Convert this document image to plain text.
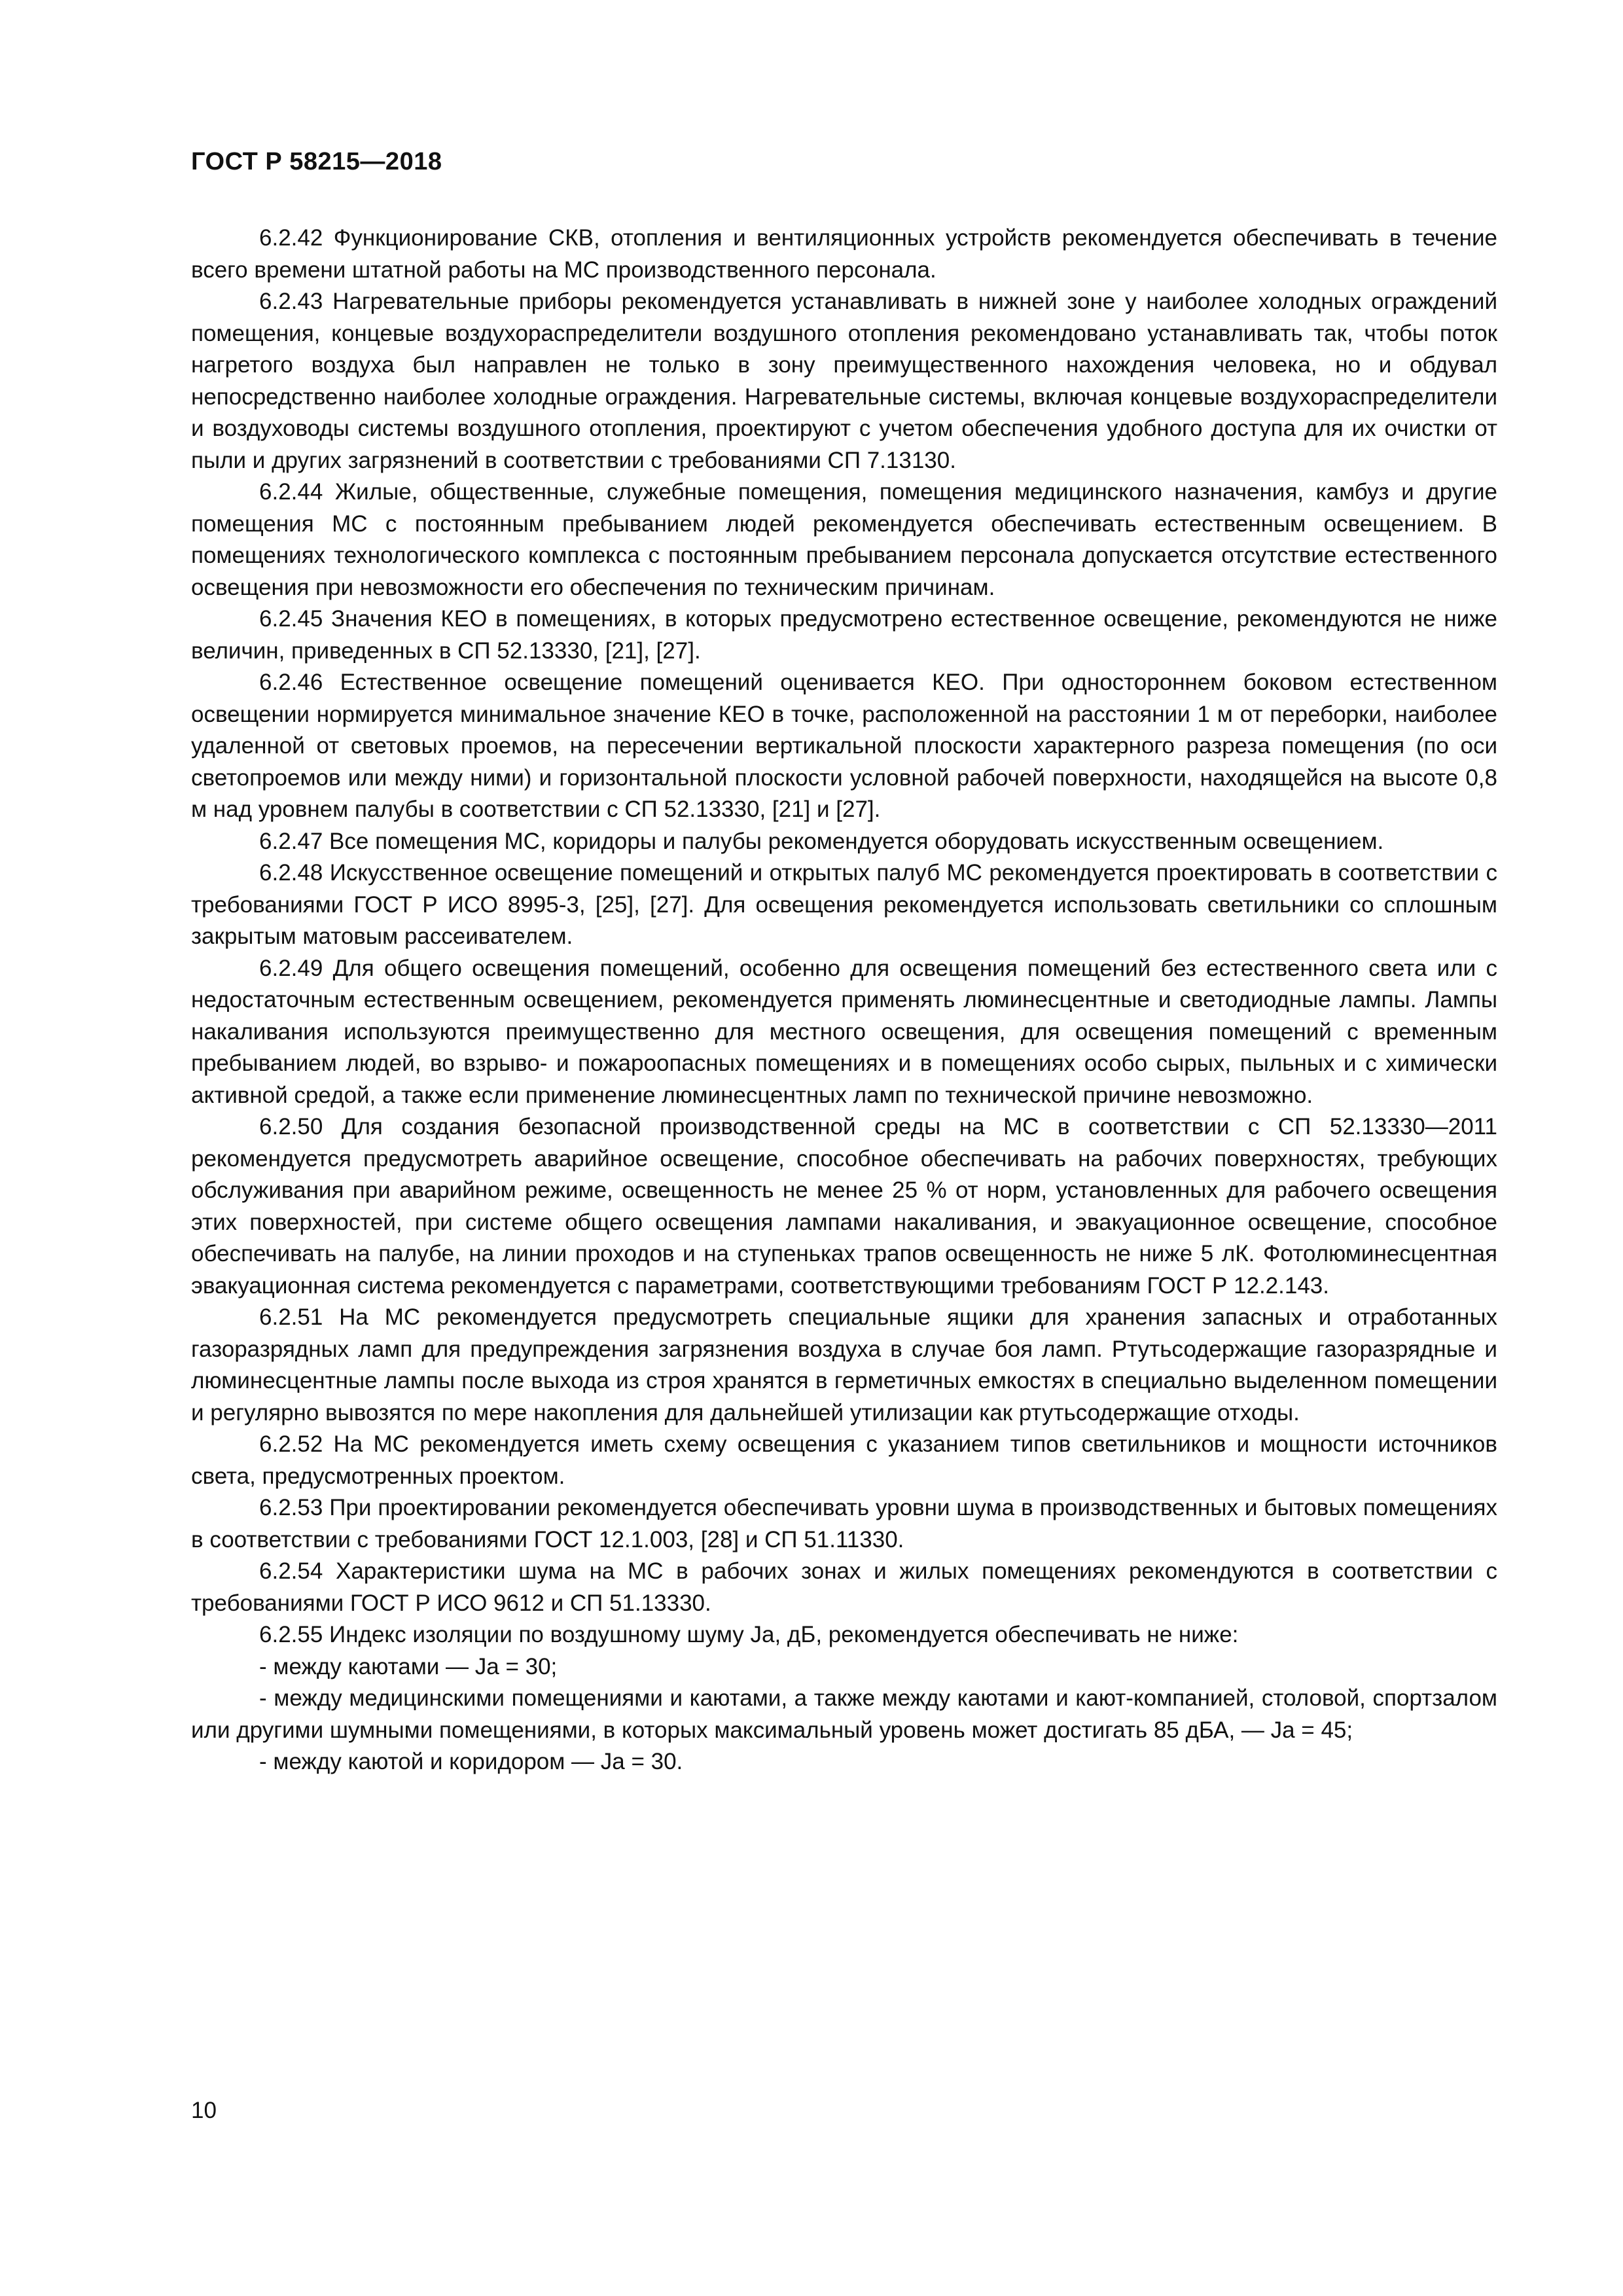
ГОСТ Р 58215—2018

6.2.42 Функционирование СКВ, отопления и вентиляционных устройств рекомендуется обеспечивать в течение всего времени штатной работы на МС производственного персонала.

6.2.43 Нагревательные приборы рекомендуется устанавливать в нижней зоне у наиболее холодных ограждений помещения, концевые воздухораспределители воздушного отопления рекомендовано устанавливать так, чтобы поток нагретого воздуха был направлен не только в зону преимущественного нахождения человека, но и обдувал непосредственно наиболее холодные ограждения. Нагревательные системы, включая концевые воздухораспределители и воздуховоды системы воздушного отопления, проектируют с учетом обеспечения удобного доступа для их очистки от пыли и других загрязнений в соответствии с требованиями СП 7.13130.

6.2.44 Жилые, общественные, служебные помещения, помещения медицинского назначения, камбуз и другие помещения МС с постоянным пребыванием людей рекомендуется обеспечивать естественным освещением. В помещениях технологического комплекса с постоянным пребыванием персонала допускается отсутствие естественного освещения при невозможности его обеспечения по техническим причинам.

6.2.45 Значения КЕО в помещениях, в которых предусмотрено естественное освещение, рекомендуются не ниже величин, приведенных в СП 52.13330, [21], [27].

6.2.46 Естественное освещение помещений оценивается КЕО. При одностороннем боковом естественном освещении нормируется минимальное значение КЕО в точке, расположенной на расстоянии 1 м от переборки, наиболее удаленной от световых проемов, на пересечении вертикальной плоскости характерного разреза помещения (по оси светопроемов или между ними) и горизонтальной плоскости условной рабочей поверхности, находящейся на высоте 0,8 м над уровнем палубы в соответствии с СП 52.13330, [21] и [27].

6.2.47 Все помещения МС, коридоры и палубы рекомендуется оборудовать искусственным освещением.

6.2.48 Искусственное освещение помещений и открытых палуб МС рекомендуется проектировать в соответствии с требованиями ГОСТ Р ИСО 8995-3, [25], [27]. Для освещения рекомендуется использовать светильники со сплошным закрытым матовым рассеивателем.

6.2.49 Для общего освещения помещений, особенно для освещения помещений без естественного света или с недостаточным естественным освещением, рекомендуется применять люминесцентные и светодиодные лампы. Лампы накаливания используются преимущественно для местного освещения, для освещения помещений с временным пребыванием людей, во взрыво- и пожароопасных помещениях и в помещениях особо сырых, пыльных и с химически активной средой, а также если применение люминесцентных ламп по технической причине невозможно.

6.2.50 Для создания безопасной производственной среды на МС в соответствии с СП 52.13330—2011 рекомендуется предусмотреть аварийное освещение, способное обеспечивать на рабочих поверхностях, требующих обслуживания при аварийном режиме, освещенность не менее 25 % от норм, установленных для рабочего освещения этих поверхностей, при системе общего освещения лампами накаливания, и эвакуационное освещение, способное обеспечивать на палубе, на линии проходов и на ступеньках трапов освещенность не ниже 5 лК. Фотолюминесцентная эвакуационная система рекомендуется с параметрами, соответствующими требованиям ГОСТ Р 12.2.143.

6.2.51 На МС рекомендуется предусмотреть специальные ящики для хранения запасных и отработанных газоразрядных ламп для предупреждения загрязнения воздуха в случае боя ламп. Ртутьсодержащие газоразрядные и люминесцентные лампы после выхода из строя хранятся в герметичных емкостях в специально выделенном помещении и регулярно вывозятся по мере накопления для дальнейшей утилизации как ртутьсодержащие отходы.

6.2.52 На МС рекомендуется иметь схему освещения с указанием типов светильников и мощности источников света, предусмотренных проектом.

6.2.53 При проектировании рекомендуется обеспечивать уровни шума в производственных и бытовых помещениях в соответствии с требованиями ГОСТ 12.1.003, [28] и СП 51.11330.

6.2.54 Характеристики шума на МС в рабочих зонах и жилых помещениях рекомендуются в соответствии с требованиями ГОСТ Р ИСО 9612 и СП 51.13330.

6.2.55 Индекс изоляции по воздушному шуму Jа, дБ, рекомендуется обеспечивать не ниже:

- между каютами — Jа = 30;

- между медицинскими помещениями и каютами, а также между каютами и кают-компанией, столовой, спортзалом или другими шумными помещениями, в которых максимальный уровень может достигать 85 дБА, — Jа = 45;

- между каютой и коридором — Jа = 30.

10
